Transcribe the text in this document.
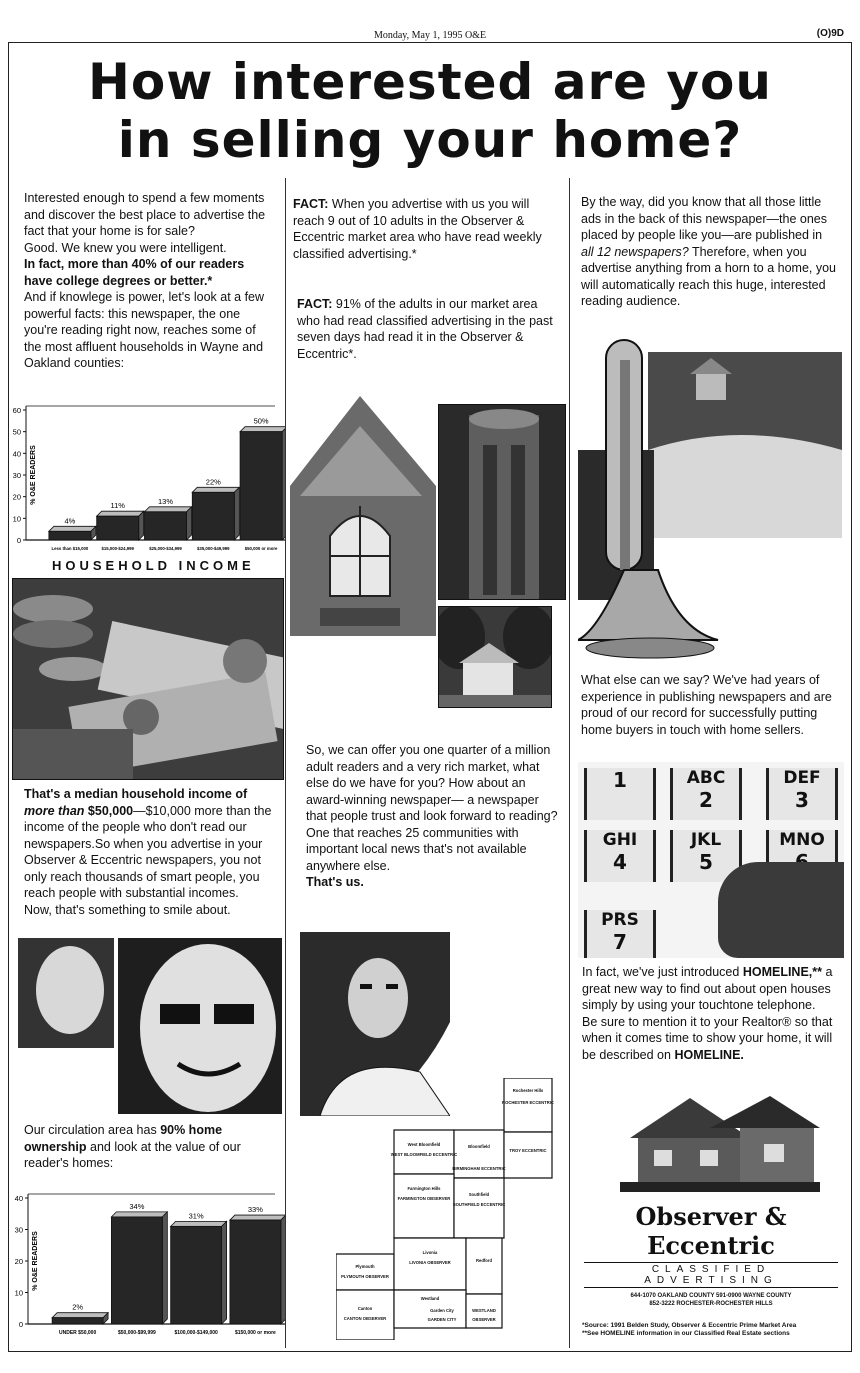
Monday, May 1, 1995 O&E	(O)9D
How interested are you
in selling your home?

Interested enough to spend a few moments and discover the best place to advertise the fact that your home is for sale?

Good. We knew you were intelligent.

In fact, more than 40% of our readers have college degrees or better.*

And if knowlege is power, let's look at a few powerful facts: this newspaper, the one you're reading right now, reaches some of the most affluent households in Wayne and Oakland counties:

0
10
20
30
40
50
60
% O&E READERS
4%
Less than $15,000
11%
$15,000-$24,999
13%
$25,000-$34,999
22%
$35,000-$49,999
50%
$50,000 or more
HOUSEHOLD INCOME

That's a median household income of more than $50,000—$10,000 more than the income of the people who don't read our newspapers.So when you advertise in your Observer & Eccentric newspapers, you not only reach thousands of smart people, you reach people with substantial incomes.

Now, that's something to smile about.

Our circulation area has 90% home ownership and look at the value of our reader's homes:

0
10
20
30
40
% O&E READERS
2%
UNDER $50,000
34%
$50,000-$99,999
31%
$100,000-$149,000
33%
$150,000 or more

FACT: When you advertise with us you will reach 9 out of 10 adults in the Observer & Eccentric market area who have read weekly classified advertising.*

FACT: 91% of the adults in our market area who had read classified advertising in the past seven days had read it in the Observer & Eccentric*.

So, we can offer you one quarter of a million adult readers and a very rich market, what else do we have for you? How about an award-winning newspaper— a newspaper that people trust and look forward to reading? One that reaches 25 communities with important local news that's not available anywhere else.

That's us.

Rochester Hills
ROCHESTER ECCENTRIC
West Bloomfield
WEST BLOOMFIELD ECCENTRIC
Bloomfield
TROY ECCENTRIC
BIRMINGHAM ECCENTRIC
Farmington Hills
FARMINGTON OBSERVER
Southfield
SOUTHFIELD ECCENTRIC
Livonia
LIVONIA OBSERVER
Plymouth
PLYMOUTH OBSERVER
Redford
Westland
Canton
CANTON OBSERVER
Garden City
GARDEN CITY
WESTLAND
OBSERVER

By the way, did you know that all those little ads in the back of this newspaper—the ones placed by people like you—are published in all 12 newspapers? Therefore, when you advertise anything from a horn to a home, you will automatically reach this huge, interested reading audience.

What else can we say? We've had years of experience in publishing newspapers and are proud of our record for successfully putting home buyers in touch with home sellers.
1	ABC
2
DEF
3
GHI
4
JKL
5
MNO
PRS
7

In fact, we've just introduced HOMELINE,** a great new way to find out about open houses simply by using your touchtone telephone.

Be sure to mention it to your Realtor® so that when it comes time to show your home, it will be described on HOMELINE.

Observer & Eccentric
CLASSIFIED ADVERTISING
644-1070 OAKLAND COUNTY 591-0900 WAYNE COUNTY
852-3222 ROCHESTER-ROCHESTER HILLS
*Source: 1991 Belden Study, Observer & Eccentric Prime Market Area
**See HOMELINE information in our Classified Real Estate sections
